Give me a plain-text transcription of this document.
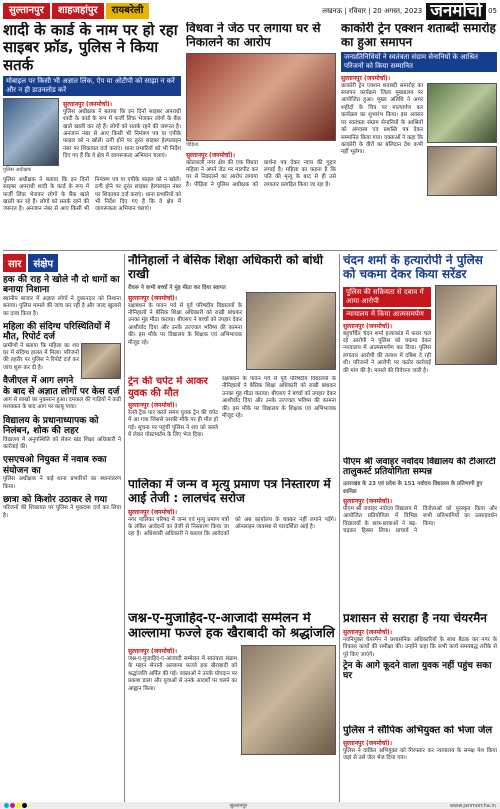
सुल्तानपुर	शाहजहांपुर	रायबरेली	लखनऊ | रविवार | 20 अगस्त, 2023 जनमोर्चा 05
शादी के कार्ड के नाम पर हो रहा साइबर फ्रॉड, पुलिस ने किया सतर्क
मोबाइल पर किसी भी अज्ञात लिंक, ऐप या ओटीपी को साझा न करें और न ही डाउनलोड करें
पुलिस अधीक्षक
सुल्तानपुर (जनमोर्चा)।
पुलिस अधीक्षक ने बताया कि इन दिनों साइबर अपराधी शादी के कार्ड के रूप में फर्जी लिंक भेजकर लोगों के बैंक खाते खाली कर रहे हैं। लोगों को सतर्क रहने की जरूरत है। अनजान नंबर से आए किसी भी निमंत्रण पत्र या एपीके फाइल को न खोलें। ठगी होने पर तुरंत साइबर हेल्पलाइन नंबर पर शिकायत दर्ज कराएं। थाना प्रभारियों को भी निर्देश दिए गए हैं कि वे क्षेत्र में जागरूकता अभियान चलाएं।
पुलिस अधीक्षक ने बताया कि इन दिनों साइबर अपराधी शादी के कार्ड के रूप में फर्जी लिंक भेजकर लोगों के बैंक खाते खाली कर रहे हैं। लोगों को सतर्क रहने की जरूरत है। अनजान नंबर से आए किसी भी निमंत्रण पत्र या एपीके फाइल को न खोलें। ठगी होने पर तुरंत साइबर हेल्पलाइन नंबर पर शिकायत दर्ज कराएं। थाना प्रभारियों को भी निर्देश दिए गए हैं कि वे क्षेत्र में जागरूकता अभियान चलाएं।
विधवा ने जेठ पर लगाया घर से निकालने का आरोप
पीड़िता
सुल्तानपुर (जनमोर्चा)।
कोतवाली नगर क्षेत्र की एक विधवा महिला ने अपने जेठ पर मारपीट कर घर से निकालने का आरोप लगाया है। पीड़िता ने पुलिस अधीक्षक को प्रार्थना पत्र देकर न्याय की गुहार लगाई है। महिला का कहना है कि पति की मृत्यु के बाद से ही उसे लगातार प्रताड़ित किया जा रहा है।
काकोरी ट्रेन एक्शन शताब्दी समारोह का हुआ समापन
जनप्रतिनिधियों ने स्वतंत्रता संग्राम सेनानियों के आश्रित परिजनों को किया सम्मानित
सुल्तानपुर (जनमोर्चा)।
काकोरी ट्रेन एक्शन शताब्दी समारोह का समापन कार्यक्रम जिला मुख्यालय पर आयोजित हुआ। मुख्य अतिथि ने अमर शहीदों के चित्र पर माल्यार्पण कर कार्यक्रम का शुभारंभ किया। इस अवसर पर स्वतंत्रता संग्राम सेनानियों के आश्रितों को अंगवस्त्र एवं प्रशस्ति पत्र देकर सम्मानित किया गया। वक्ताओं ने कहा कि काकोरी के वीरों का बलिदान देश कभी नहीं भूलेगा।
सार	संक्षेप
हक की राह ने खोले नौ दो धागों का बनाया निशाना
स्थानीय बाजार में अज्ञात लोगों ने दुकानदार को निशाना बनाया। पुलिस मामले की जांच कर रही है और जल्द खुलासे का दावा किया है।
महिला की संदिग्ध परिस्थितियों में मौत, रिपोर्ट दर्ज
ग्रामीणों ने बताया कि महिला का शव घर में संदिग्ध हालत में मिला। परिजनों की तहरीर पर पुलिस ने रिपोर्ट दर्ज कर जांच शुरू कर दी है।
वैजीएल में आग लगने के बाद से अज्ञात लोगों पर केस दर्ज
आग से लाखों का नुकसान हुआ। दमकल की गाड़ियों ने कड़ी मशक्कत के बाद आग पर काबू पाया।
विद्यालय के प्रधानाध्यापक को निलंबन, शोक की लहर
विद्यालय में अनुपस्थिति को लेकर खंड शिक्षा अधिकारी ने कार्रवाई की।
एसएचओ नियुक्त में नवाब रुका संयोजन का
पुलिस अधीक्षक ने कई थाना प्रभारियों का स्थानांतरण किया।
छात्रा को किशोर उठाकर ले गया
परिजनों की शिकायत पर पुलिस ने मुकदमा दर्ज कर लिया है।
नौनिहालों ने बेसिक शिक्षा अधिकारी को बांधी राखी
रीवरू ने कभी बच्चों ने मुंह मीठा कर दिया स्वागत
सुल्तानपुर (जनमोर्चा)।
रक्षाबंधन के पावन पर्व से पूर्व परिषदीय विद्यालयों के नौनिहालों ने बेसिक शिक्षा अधिकारी को राखी बांधकर उनका मुंह मीठा कराया। बीएसए ने बच्चों को उपहार देकर आशीर्वाद दिया और उनके उज्ज्वल भविष्य की कामना की। इस मौके पर विद्यालय के शिक्षक एवं अभिभावक मौजूद रहे।
ट्रेन की चपेट में आकर युवक की मौत
सुल्तानपुर (जनमोर्चा)।
रेलवे ट्रैक पार करते समय युवक ट्रेन की चपेट में आ गया जिससे उसकी मौके पर ही मौत हो गई। सूचना पर पहुंची पुलिस ने शव को कब्जे में लेकर पोस्टमार्टम के लिए भेज दिया।
पालिका में जन्म व मृत्यु प्रमाण पत्र निस्तारण में आई तेजी : लालचंद सरोज
सुल्तानपुर (जनमोर्चा)।
नगर पालिका परिषद में जन्म एवं मृत्यु प्रमाण पत्रों के लंबित आवेदनों का तेजी से निस्तारण किया जा रहा है। अधिशासी अधिकारी ने बताया कि आवेदकों को अब कार्यालय के चक्कर नहीं लगाने पड़ेंगे। ऑनलाइन व्यवस्था से पारदर्शिता आई है।
रक्षाबंधन के पावन पर्व से पूर्व परिषदीय विद्यालयों के नौनिहालों ने बेसिक शिक्षा अधिकारी को राखी बांधकर उनका मुंह मीठा कराया। बीएसए ने बच्चों को उपहार देकर आशीर्वाद दिया और उनके उज्ज्वल भविष्य की कामना की। इस मौके पर विद्यालय के शिक्षक एवं अभिभावक मौजूद रहे।
जश्न-ए-मुजाहिद-ए-आजादी सम्मेलन में आल्लामा फज्ले हक खैराबादी को श्रद्धांजलि
सुल्तानपुर (जनमोर्चा)।
जश्न-ए-मुजाहिद-ए-आजादी सम्मेलन में स्वतंत्रता संग्राम के महान सेनानी अल्लामा फज्ले हक खैराबादी को श्रद्धांजलि अर्पित की गई। वक्ताओं ने उनके योगदान पर प्रकाश डाला और युवाओं से उनके आदर्शों पर चलने का आह्वान किया।
चंदन शर्मा के हत्यारोपी ने पुलिस को चकमा देकर किया सरेंडर
पुलिस की सक्रियता से दबाव में आया आरोपी
न्यायालय में किया आत्मसमर्पण
सुल्तानपुर (जनमोर्चा)।
बहुचर्चित चंदन शर्मा हत्याकांड में फरार चल रहे आरोपी ने पुलिस को चकमा देकर न्यायालय में आत्मसमर्पण कर दिया। पुलिस लगातार आरोपी की तलाश में दबिश दे रही थी। परिजनों ने आरोपी पर कठोर कार्रवाई की मांग की है। मामले की विवेचना जारी है।
पीएम श्री जवाहर नवोदय विद्यालय की टीआरटी तालुकर्स्ट प्रतियोगिता सम्पन्न
उतराखंड के 23 एवं प्रदेश के 151 नवोदय विद्यालय के प्रतिभागी हुए शामिल
सुल्तानपुर (जनमोर्चा)।
पीएम श्री जवाहर नवोदय विद्यालय में आयोजित प्रतियोगिता में विभिन्न विद्यालयों के छात्र-छात्राओं ने बढ़-चढ़कर हिस्सा लिया। प्राचार्य ने विजेताओं को पुरस्कृत किया और सभी प्रतिभागियों का उत्साहवर्धन किया।
प्रशासन से सराहा है नया चेयरमैन
सुल्तानपुर (जनमोर्चा)।
नवनियुक्त चेयरमैन ने प्रशासनिक अधिकारियों के साथ बैठक कर नगर के विकास कार्यों की समीक्षा की। उन्होंने कहा कि सभी कार्य समयबद्ध तरीके से पूरे किए जाएंगे।
ट्रेन के आगे कूदने वाला युवक नहीं पहुंच सका घर
पुलिस ने सौपिक अभियुक्त को भेजा जेल
सुल्तानपुर (जनमोर्चा)।
पुलिस ने वांछित अभियुक्त को गिरफ्तार कर न्यायालय के समक्ष पेश किया जहां से उसे जेल भेज दिया गया।
सुल्तानपुर	www.janmorcha.in
